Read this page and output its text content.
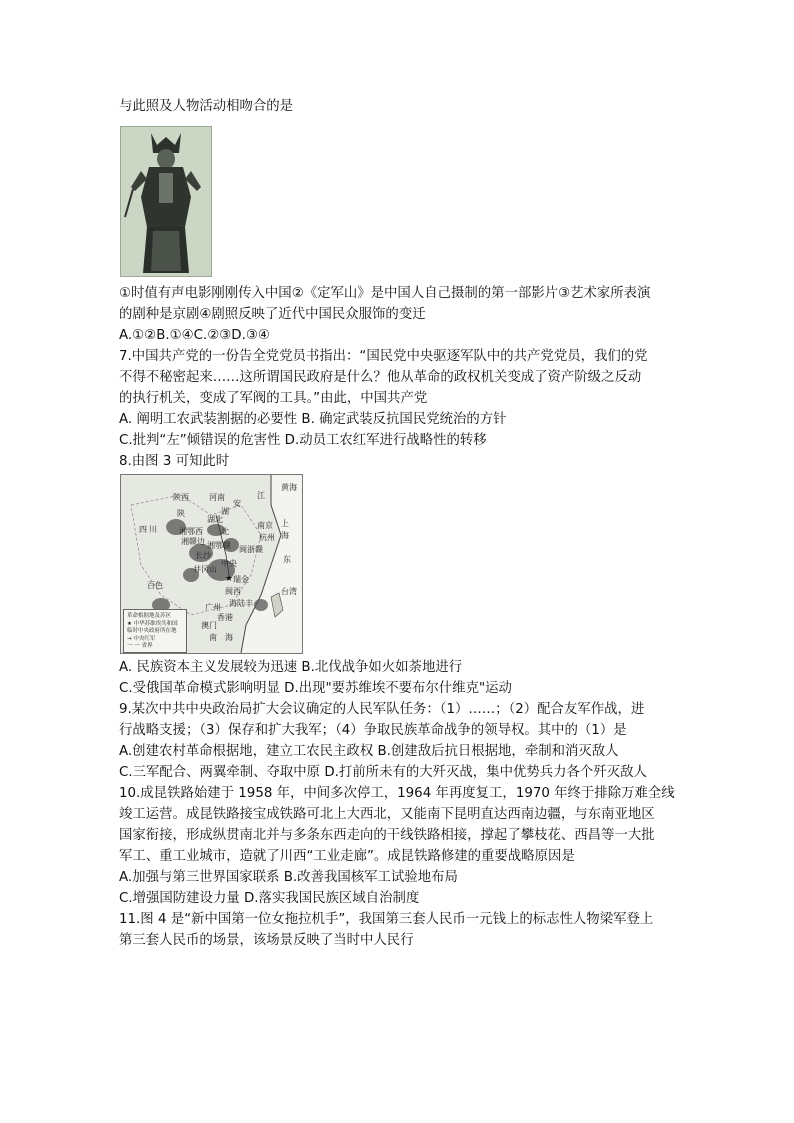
与此照及人物活动相吻合的是
①时值有声电影刚刚传入中国②《定军山》是中国人自己摄制的第一部影片③艺术家所表演
的剧种是京剧④剧照反映了近代中国民众服饰的变迁
A.①②B.①④C.②③D.③④
7.中国共产党的一份告全党党员书指出：“国民党中央驱逐军队中的共产党党员，我们的党
不得不秘密起来……这所谓国民政府是什么？他从革命的政权机关变成了资产阶级之反动
的执行机关，变成了军阀的工具。”由此，中国共产党
A. 阐明工农武装割据的必要性 B. 确定武装反抗国民党统治的方针
C.批判“左”倾错误的危害性 D.动员工农红军进行战略性的转移
8.由图 3 可知此时
★
黄海
河南
陕西
安
江
湖北	上
四 川
陕
南京
海
湘鄂西
长沙
湘鄂赣
杭州
东
湘赣边
闽浙赣
井冈山
中央
瑞金
闽西
百色
广州 海陆丰
香港
澳门
台湾
南 海
湖
北
革命根据地及苏区
★ 中华苏维埃共和国
临时中央政府所在地
→ 中央红军
一 一 省界
A. 民族资本主义发展较为迅速 B.北伐战争如火如荼地进行
C.受俄国革命模式影响明显 D.出现"要苏维埃不要布尔什维克"运动
9.某次中共中央政治局扩大会议确定的人民军队任务：（1）……；（2）配合友军作战，进
行战略支援；（3）保存和扩大我军；（4）争取民族革命战争的领导权。其中的（1）是
A.创建农村革命根据地，建立工农民主政权 B.创建敌后抗日根据地，牵制和消灭敌人
C.三军配合、两翼牵制、夺取中原 D.打前所未有的大歼灭战，集中优势兵力各个歼灭敌人
10.成昆铁路始建于 1958 年，中间多次停工，1964 年再度复工，1970 年终于排除万难全线
竣工运营。成昆铁路接宝成铁路可北上大西北，又能南下昆明直达西南边疆，与东南亚地区
国家衔接，形成纵贯南北并与多条东西走向的干线铁路相接，撑起了攀枝花、西昌等一大批
军工、重工业城市，造就了川西“工业走廊”。成昆铁路修建的重要战略原因是
A.加强与第三世界国家联系 B.改善我国核军工试验地布局
C.增强国防建设力量 D.落实我国民族区域自治制度
11.图 4 是“新中国第一位女拖拉机手”，我国第三套人民币一元钱上的标志性人物梁军登上
第三套人民币的场景，该场景反映了当时中人民行
